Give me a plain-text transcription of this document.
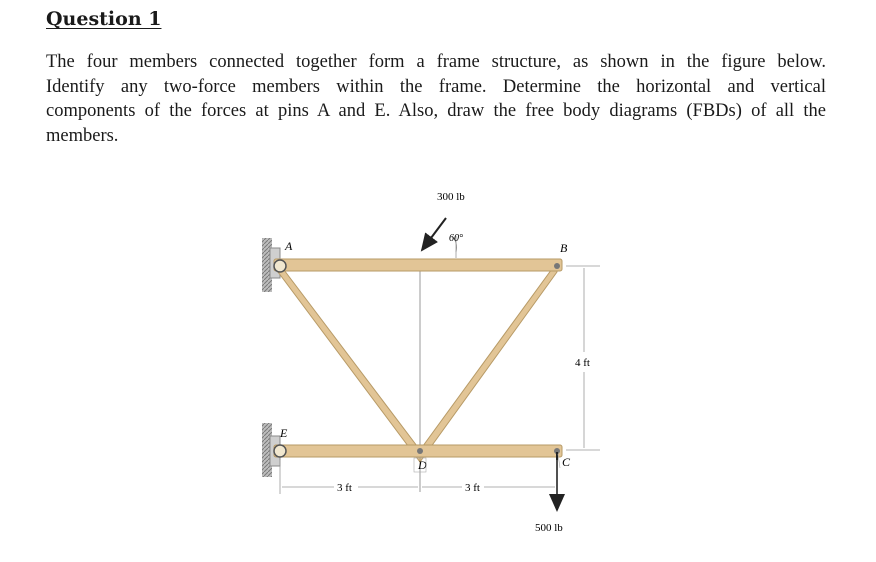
Question 1

The four members connected together form a frame structure, as shown in the figure below.
Identify any two-force members within the frame. Determine the horizontal and vertical
components of the forces at pins A and E. Also, draw the free body diagrams (FBDs) of all the
members.

300 lb
60°
500 lb
4 ft
3 ft	3 ft
A	B
C
D
E
